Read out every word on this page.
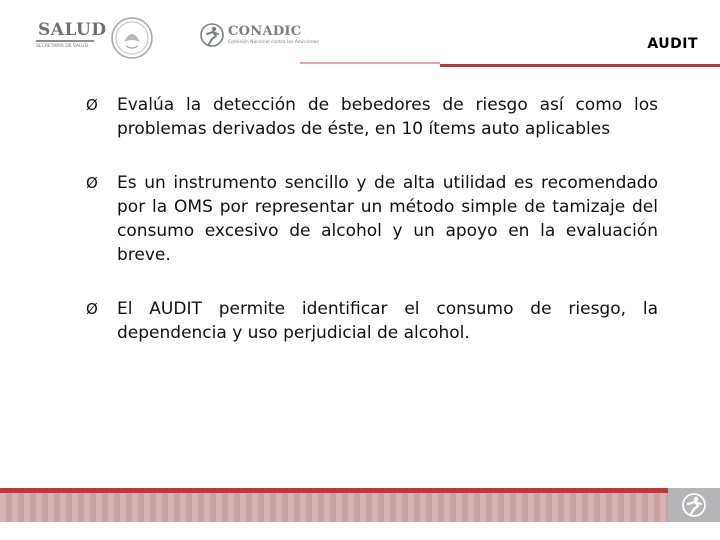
SALUD
SECRETARÍA DE SALUD
CONADIC
Comisión Nacional contra las Adicciones	AUDIT
Ø Evalúa la detección de bebedores de riesgo así como los problemas derivados de éste, en 10 ítems auto aplicables
Ø Es un instrumento sencillo y de alta utilidad es recomendado por la OMS por representar un método simple de tamizaje del consumo excesivo de alcohol y un apoyo en la evaluación breve.
Ø El AUDIT permite identificar el consumo de riesgo, la dependencia y uso perjudicial de alcohol.
